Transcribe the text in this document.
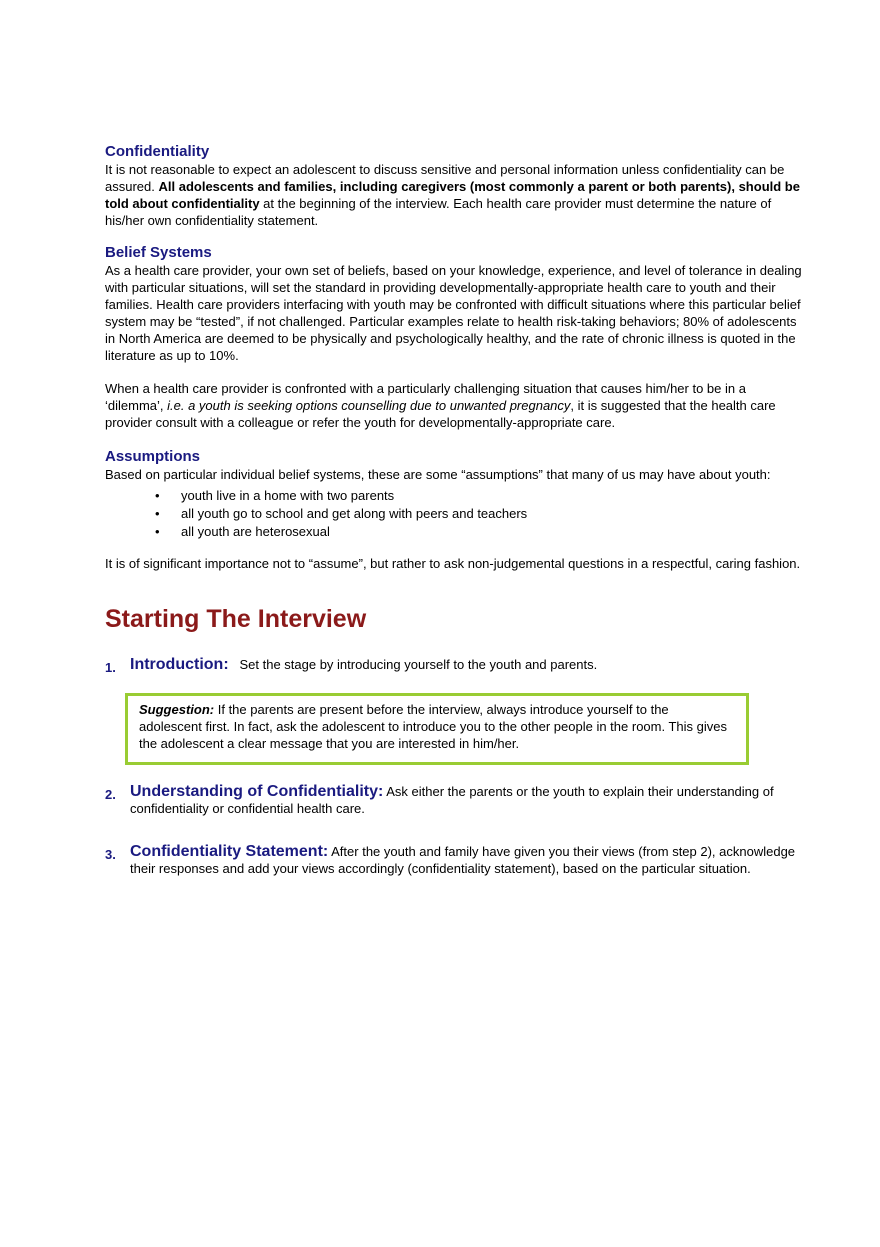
Confidentiality

It is not reasonable to expect an adolescent to discuss sensitive and personal information unless confidentiality can be assured. All adolescents and families, including caregivers (most commonly a parent or both parents), should be told about confidentiality at the beginning of the interview. Each health care provider must determine the nature of his/her own confidentiality statement.

Belief Systems

As a health care provider, your own set of beliefs, based on your knowledge, experience, and level of tolerance in dealing with particular situations, will set the standard in providing developmentally-appropriate health care to youth and their families. Health care providers interfacing with youth may be confronted with difficult situations where this particular belief system may be “tested”, if not challenged. Particular examples relate to health risk-taking behaviors; 80% of adolescents in North America are deemed to be physically and psychologically healthy, and the rate of chronic illness is quoted in the literature as up to 10%.

When a health care provider is confronted with a particularly challenging situation that causes him/her to be in a ‘dilemma’, i.e. a youth is seeking options counselling due to unwanted pregnancy, it is suggested that the health care provider consult with a colleague or refer the youth for developmentally-appropriate care.

Assumptions

Based on particular individual belief systems, these are some “assumptions” that many of us may have about youth:

• youth live in a home with two parents
• all youth go to school and get along with peers and teachers
• all youth are heterosexual

It is of significant importance not to “assume”, but rather to ask non-judgemental questions in a respectful, caring fashion.

Starting The Interview
1. Introduction: Set the stage by introducing yourself to the youth and parents.
Suggestion: If the parents are present before the interview, always introduce yourself to the adolescent first. In fact, ask the adolescent to introduce you to the other people in the room. This gives the adolescent a clear message that you are interested in him/her.
2. Understanding of Confidentiality: Ask either the parents or the youth to explain their understanding of confidentiality or confidential health care.
3. Confidentiality Statement: After the youth and family have given you their views (from step 2), acknowledge their responses and add your views accordingly (confidentiality statement), based on the particular situation.
